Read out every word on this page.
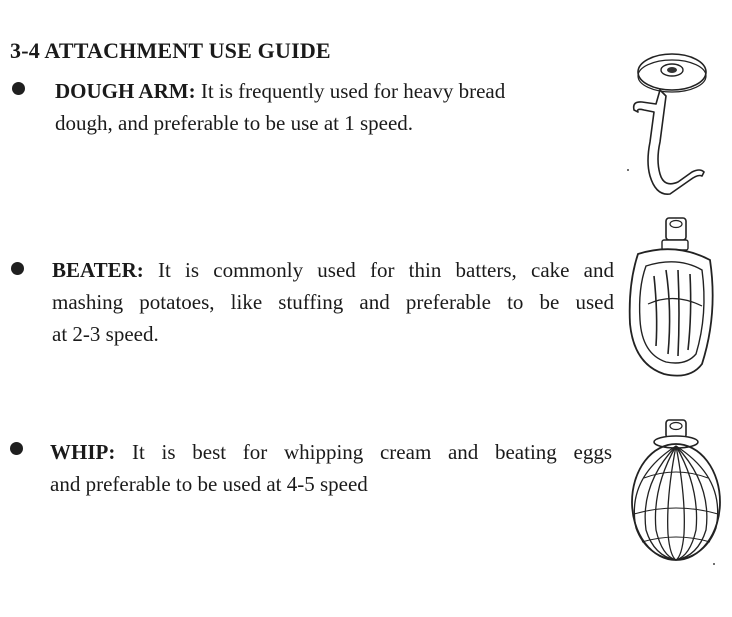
3-4 ATTACHMENT USE GUIDE
DOUGH ARM: It is frequently used for heavy bread
dough, and preferable to be use at 1 speed.
BEATER: It is commonly used for thin batters, cake and
mashing potatoes, like stuffing and preferable to be used
at 2-3 speed.
WHIP: It is best for whipping cream and beating eggs
and preferable to be used at 4-5 speed
